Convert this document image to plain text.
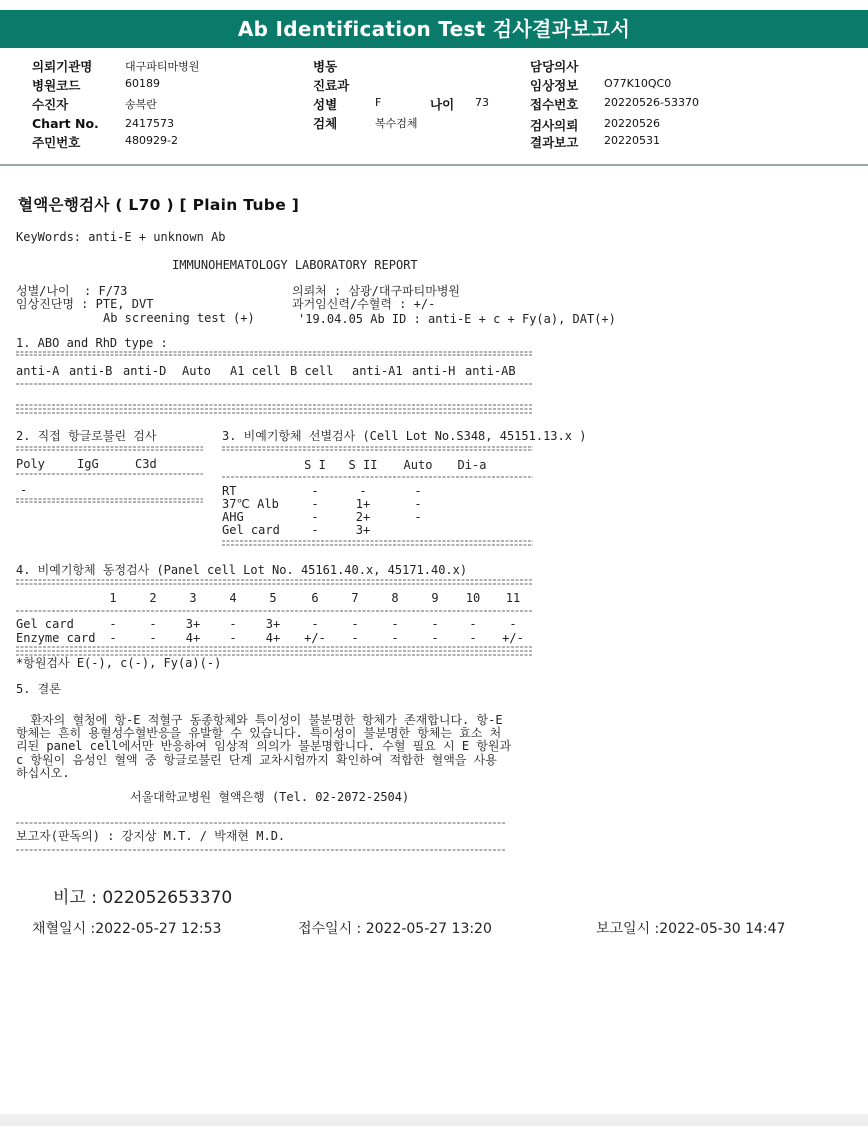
Ab Identification Test 검사결과보고서
의뢰기관명	대구파티마병원
병원코드	60189
수진자	송복란
Chart No. 2417573
주민번호	480929-2
병동
진료과
성별	F	나이 73
검체	복수검체
담당의사
임상정보 O77K10QC0
접수번호 20220526-53370
검사의뢰 20220526
결과보고 20220531
혈액은행검사 ( L70 ) [ Plain Tube ]
KeyWords: anti-E + unknown Ab
IMMUNOHEMATOLOGY LABORATORY REPORT
성별/나이  : F/73	의뢰처 : 삼광/대구파티마병원
임상진단명 : PTE, DVT	과거임신력/수혈력 : +/-
Ab screening test (+)	'19.04.05 Ab ID : anti-E + c + Fy(a), DAT(+)
1. ABO and RhD type :
anti-A anti-B anti-D Auto A1 cell B cell anti-A1 anti-H anti-AB
2. 직접 항글로불린 검사
Poly	IgG	C3d
-
3. 비예기항체 선별검사 (Cell Lot No.S348, 45151.13.x )
S I S II Auto Di-a
RT	-	-	-
37℃ Alb	-	1+	-
AHG	-	2+	-
Gel card	-	3+
4. 비예기항체 동정검사 (Panel cell Lot No. 45161.40.x, 45171.40.x)
1	2	3	4	5	6	7	8	9 10 11
Gel card	-	- 3+ - 3+	-	-	-	-	-	-
Enzyme card -	- 4+ - 4+ +/- -	-	-	- +/-
*항원검사 E(-), c(-), Fy(a)(-)
5. 결론
환자의 혈청에 항-E 적혈구 동종항체와 특이성이 불분명한 항체가 존재합니다. 항-E
항체는 흔히 용혈성수혈반응을 유발할 수 있습니다. 특이성이 불분명한 항체는 효소 처
리된 panel cell에서만 반응하여 임상적 의의가 불분명합니다. 수혈 필요 시 E 항원과
c 항원이 음성인 혈액 중 항글로불린 단계 교차시험까지 확인하여 적합한 혈액을 사용
하십시오.
서울대학교병원 혈액은행 (Tel. 02-2072-2504)
보고자(판독의) : 강지상 M.T. / 박재현 M.D.
비고 : 022052653370
채혈일시 :2022-05-27 12:53	접수일시 : 2022-05-27 13:20	보고일시 :2022-05-30 14:47
